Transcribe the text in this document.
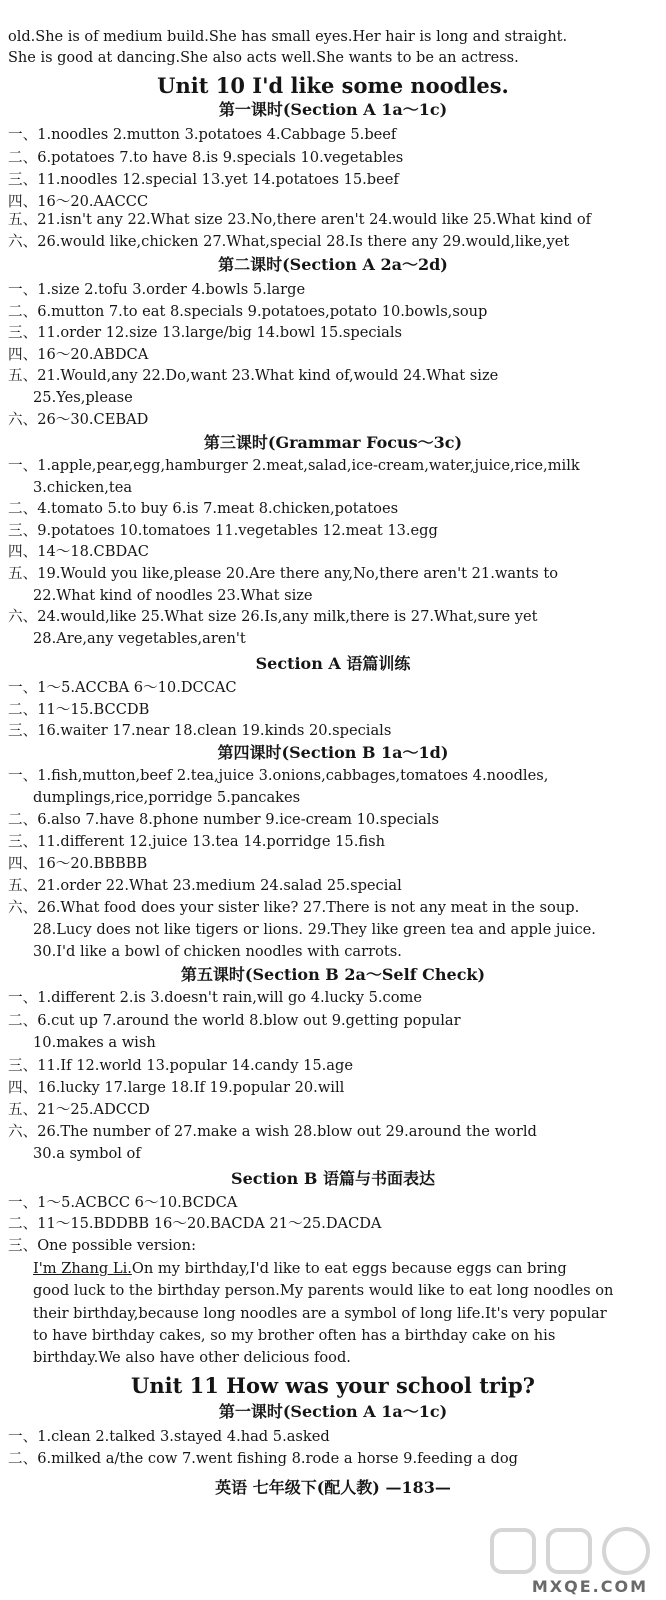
old.She is of medium build.She has small eyes.Her hair is long and straight.
She is good at dancing.She also acts well.She wants to be an actress.
Unit 10 I'd like some noodles.
第一课时(Section A 1a～1c)
一、1.noodles 2.mutton 3.potatoes 4.Cabbage 5.beef
二、6.potatoes 7.to have 8.is 9.specials 10.vegetables
三、11.noodles 12.special 13.yet 14.potatoes 15.beef
四、16～20.AACCC
五、21.isn't any 22.What size 23.No,there aren't 24.would like 25.What kind of
六、26.would like,chicken 27.What,special 28.Is there any 29.would,like,yet
第二课时(Section A 2a～2d)
一、1.size 2.tofu 3.order 4.bowls 5.large
二、6.mutton 7.to eat 8.specials 9.potatoes,potato 10.bowls,soup
三、11.order 12.size 13.large/big 14.bowl 15.specials
四、16～20.ABDCA
五、21.Would,any 22.Do,want 23.What kind of,would 24.What size
25.Yes,please
六、26～30.CEBAD
第三课时(Grammar Focus～3c)
一、1.apple,pear,egg,hamburger 2.meat,salad,ice-cream,water,juice,rice,milk
3.chicken,tea
二、4.tomato 5.to buy 6.is 7.meat 8.chicken,potatoes
三、9.potatoes 10.tomatoes 11.vegetables 12.meat 13.egg
四、14～18.CBDAC
五、19.Would you like,please 20.Are there any,No,there aren't 21.wants to
22.What kind of noodles 23.What size
六、24.would,like 25.What size 26.Is,any milk,there is 27.What,sure yet
28.Are,any vegetables,aren't
Section A 语篇训练
一、1～5.ACCBA 6～10.DCCAC
二、11～15.BCCDB
三、16.waiter 17.near 18.clean 19.kinds 20.specials
第四课时(Section B 1a～1d)
一、1.fish,mutton,beef 2.tea,juice 3.onions,cabbages,tomatoes 4.noodles,
dumplings,rice,porridge 5.pancakes
二、6.also 7.have 8.phone number 9.ice-cream 10.specials
三、11.different 12.juice 13.tea 14.porridge 15.fish
四、16～20.BBBBB
五、21.order 22.What 23.medium 24.salad 25.special
六、26.What food does your sister like? 27.There is not any meat in the soup.
28.Lucy does not like tigers or lions. 29.They like green tea and apple juice.
30.I'd like a bowl of chicken noodles with carrots.
第五课时(Section B 2a～Self Check)
一、1.different 2.is 3.doesn't rain,will go 4.lucky 5.come
二、6.cut up 7.around the world 8.blow out 9.getting popular
10.makes a wish
三、11.If 12.world 13.popular 14.candy 15.age
四、16.lucky 17.large 18.If 19.popular 20.will
五、21～25.ADCCD
六、26.The number of 27.make a wish 28.blow out 29.around the world
30.a symbol of
Section B 语篇与书面表达
一、1～5.ACBCC 6～10.BCDCA
二、11～15.BDDBB 16～20.BACDA 21～25.DACDA
三、One possible version:
I'm Zhang Li.On my birthday,I'd like to eat eggs because eggs can bring
good luck to the birthday person.My parents would like to eat long noodles on
their birthday,because long noodles are a symbol of long life.It's very popular
to have birthday cakes, so my brother often has a birthday cake on his
birthday.We also have other delicious food.
Unit 11 How was your school trip?
第一课时(Section A 1a～1c)
一、1.clean 2.talked 3.stayed 4.had 5.asked
二、6.milked a/the cow 7.went fishing 8.rode a horse 9.feeding a dog
英语 七年级下(配人教) —183—
MXQE.COM
